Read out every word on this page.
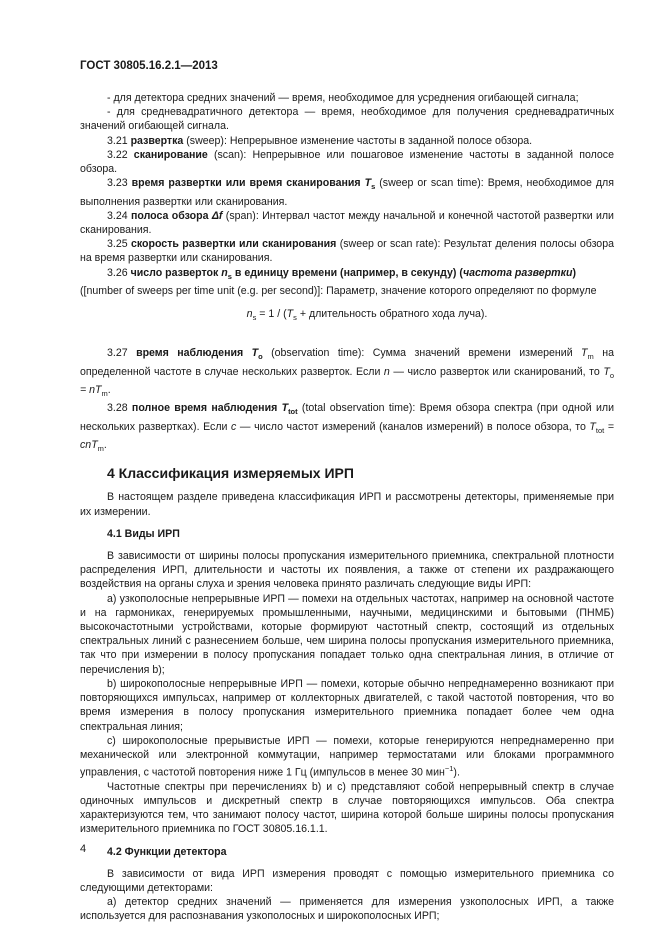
ГОСТ 30805.16.2.1—2013

- для детектора средних значений — время, необходимое для усреднения огибающей сигнала;

- для средневадратичного детектора — время, необходимое для получения средневадратичных значений огибающей сигнала.

3.21 развертка (sweep): Непрерывное изменение частоты в заданной полосе обзора.

3.22 сканирование (scan): Непрерывное или пошаговое изменение частоты в заданной полосе обзора.

3.23 время развертки или время сканирования $T_s$ (sweep or scan time): Время, необходимое для выполнения развертки или сканирования.

3.24 полоса обзора Δf (span): Интервал частот между начальной и конечной частотой развертки или сканирования.

3.25 скорость развертки или сканирования (sweep or scan rate): Результат деления полосы обзора на время развертки или сканирования.

3.26 число разверток $n_s$ в единицу времени (например, в секунду) (частота развертки)

([number of sweeps per time unit (e.g. per second)]: Параметр, значение которого определяют по формуле

$n_s = 1 / (T_s$ + длительность обратного хода луча).

3.27 время наблюдения $T_o$ (observation time): Сумма значений времени измерений $T_m$ на определенной частоте в случае нескольких разверток. Если n — число разверток или сканирований, то $T_o = nT_m$.

3.28 полное время наблюдения $T_{tot}$ (total observation time): Время обзора спектра (при одной или нескольких развертках). Если c — число частот измерений (каналов измерений) в полосе обзора, то $T_{tot} = cnT_m$.

4 Классификация измеряемых ИРП

В настоящем разделе приведена классификация ИРП и рассмотрены детекторы, применяемые при их измерении.

4.1 Виды ИРП

В зависимости от ширины полосы пропускания измерительного приемника, спектральной плотности распределения ИРП, длительности и частоты их появления, а также от степени их раздражающего воздействия на органы слуха и зрения человека принято различать следующие виды ИРП:

a) узкополосные непрерывные ИРП — помехи на отдельных частотах, например на основной частоте и на гармониках, генерируемых промышленными, научными, медицинскими и бытовыми (ПНМБ) высокочастотными устройствами, которые формируют частотный спектр, состоящий из отдельных спектральных линий с разнесением больше, чем ширина полосы пропускания измерительного приемника, так что при измерении в полосу пропускания попадает только одна спектральная линия, в отличие от перечисления b);

b) широкополосные непрерывные ИРП — помехи, которые обычно непреднамеренно возникают при повторяющихся импульсах, например от коллекторных двигателей, с такой частотой повторения, что во время измерения в полосу пропускания измерительного приемника попадает более чем одна спектральная линия;

c) широкополосные прерывистые ИРП — помехи, которые генерируются непреднамеренно при механической или электронной коммутации, например термостатами или блоками программного управления, с частотой повторения ниже 1 Гц (импульсов в менее 30 мин$^{-1}$).

Частотные спектры при перечислениях b) и c) представляют собой непрерывный спектр в случае одиночных импульсов и дискретный спектр в случае повторяющихся импульсов. Оба спектра характеризуются тем, что занимают полосу частот, ширина которой больше ширины полосы пропускания измерительного приемника по ГОСТ 30805.16.1.1.

4.2 Функции детектора

В зависимости от вида ИРП измерения проводят с помощью измерительного приемника со следующими детекторами:

a) детектор средних значений — применяется для измерения узкополосных ИРП, а также используется для распознавания узкополосных и широкополосных ИРП;

4
